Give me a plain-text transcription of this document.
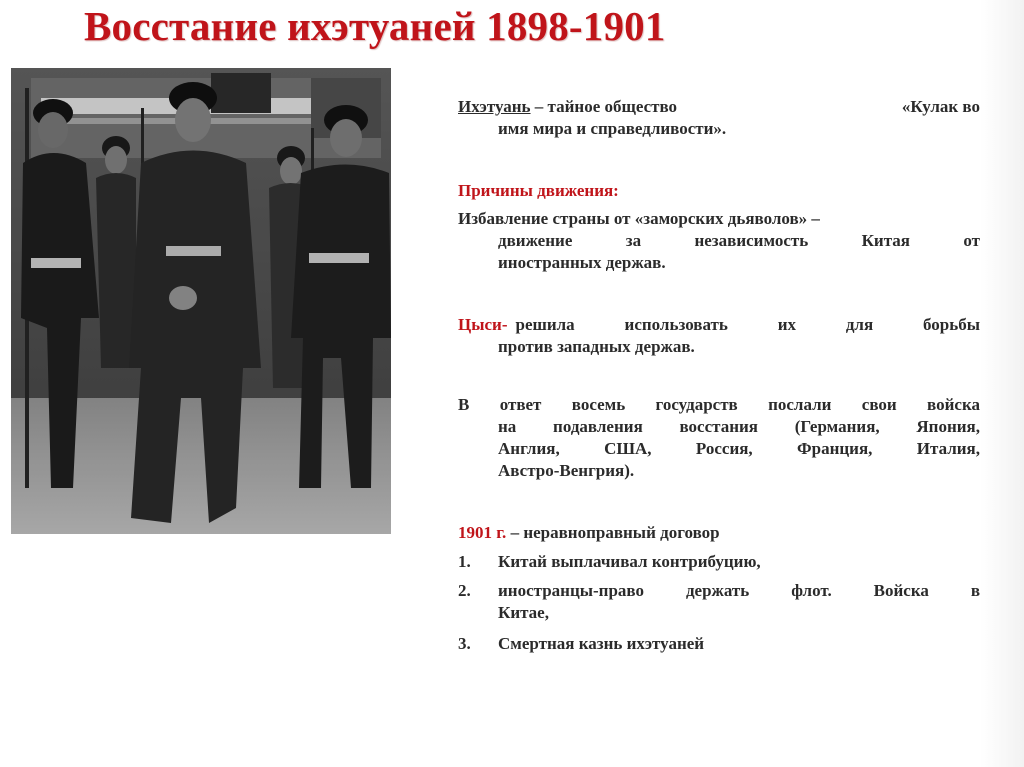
Восстание ихэтуаней 1898-1901
Ихэтуань – тайное общество	«Кулак во
имя мира и справедливости».
Причины движения:
Избавление страны от «заморских дьяволов» –
движение за независимость Китая от
иностранных держав.
Цыси- решила использовать их для борьбы
против западных держав.
В ответ восемь государств послали свои войска
на подавления восстания (Германия, Япония,
Англия, США, Россия, Франция, Италия,
Австро-Венгрия).
1901 г. – неравноправный договор
1.	Китай выплачивал контрибуцию,
2.	иностранцы-право держать флот. Войска в
Китае,
3.	Смертная казнь ихэтуаней
